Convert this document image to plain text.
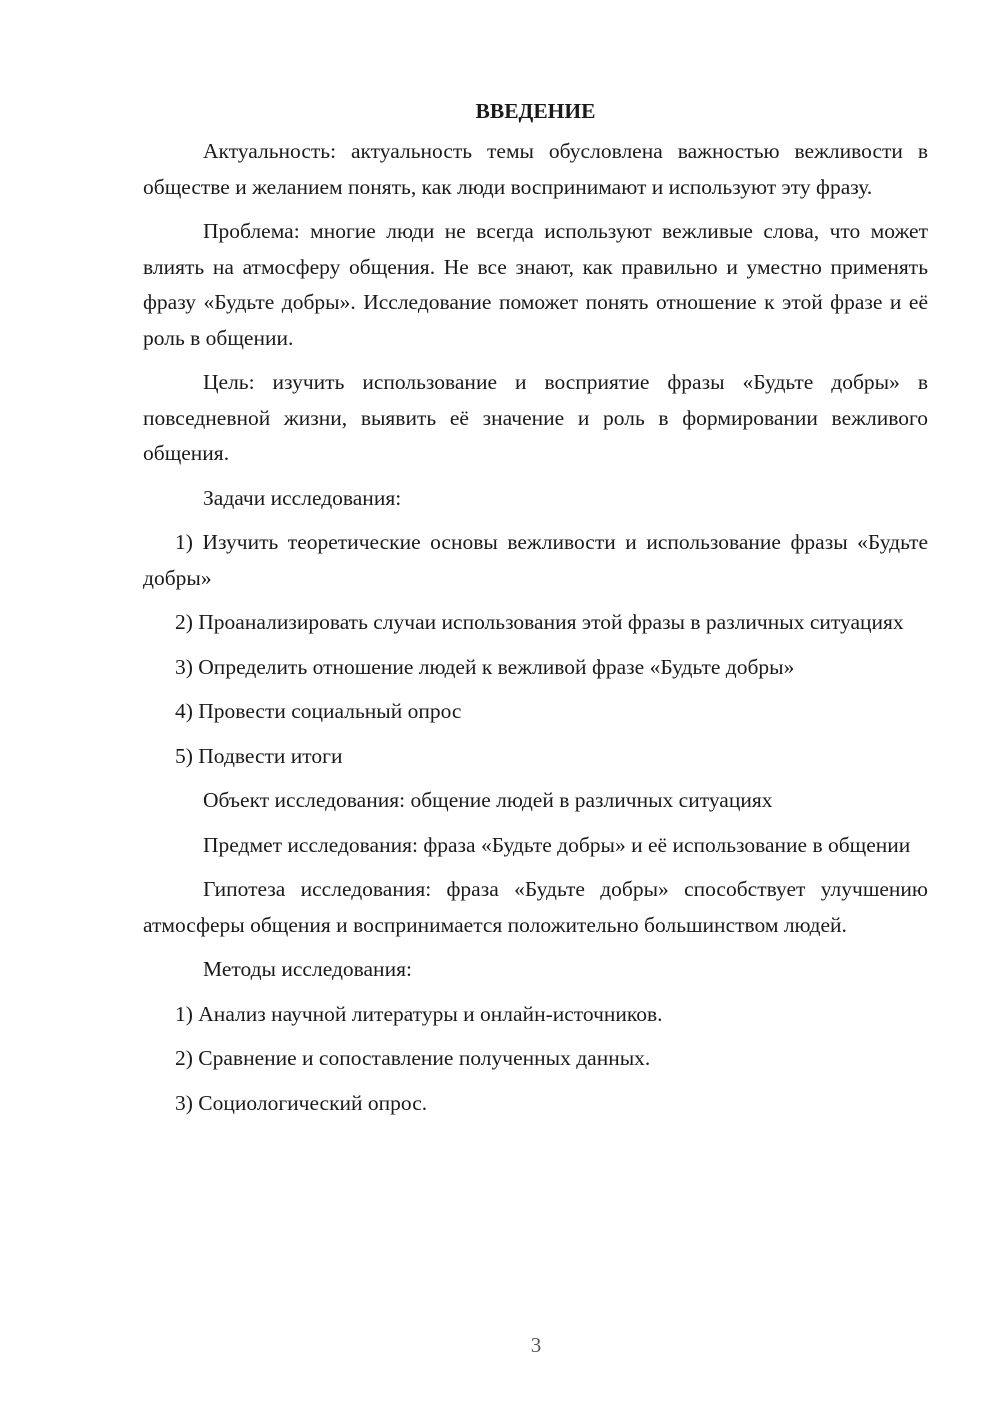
ВВЕДЕНИЕ

Актуальность: актуальность темы обусловлена важностью вежливости в обществе и желанием понять, как люди воспринимают и используют эту фразу.

Проблема: многие люди не всегда используют вежливые слова, что может влиять на атмосферу общения. Не все знают, как правильно и уместно применять фразу «Будьте добры». Исследование поможет понять отношение к этой фразе и её роль в общении.

Цель: изучить использование и восприятие фразы «Будьте добры» в повседневной жизни, выявить её значение и роль в формировании вежливого общения.

Задачи исследования:

1) Изучить теоретические основы вежливости и использование фразы «Будьте добры»

2) Проанализировать случаи использования этой фразы в различных ситуациях

3) Определить отношение людей к вежливой фразе «Будьте добры»

4) Провести социальный опрос

5) Подвести итоги

Объект исследования: общение людей в различных ситуациях

Предмет исследования: фраза «Будьте добры» и её использование в общении

Гипотеза исследования: фраза «Будьте добры» способствует улучшению атмосферы общения и воспринимается положительно большинством людей.

Методы исследования:

1) Анализ научной литературы и онлайн-источников.

2) Сравнение и сопоставление полученных данных.

3) Социологический опрос.

3
